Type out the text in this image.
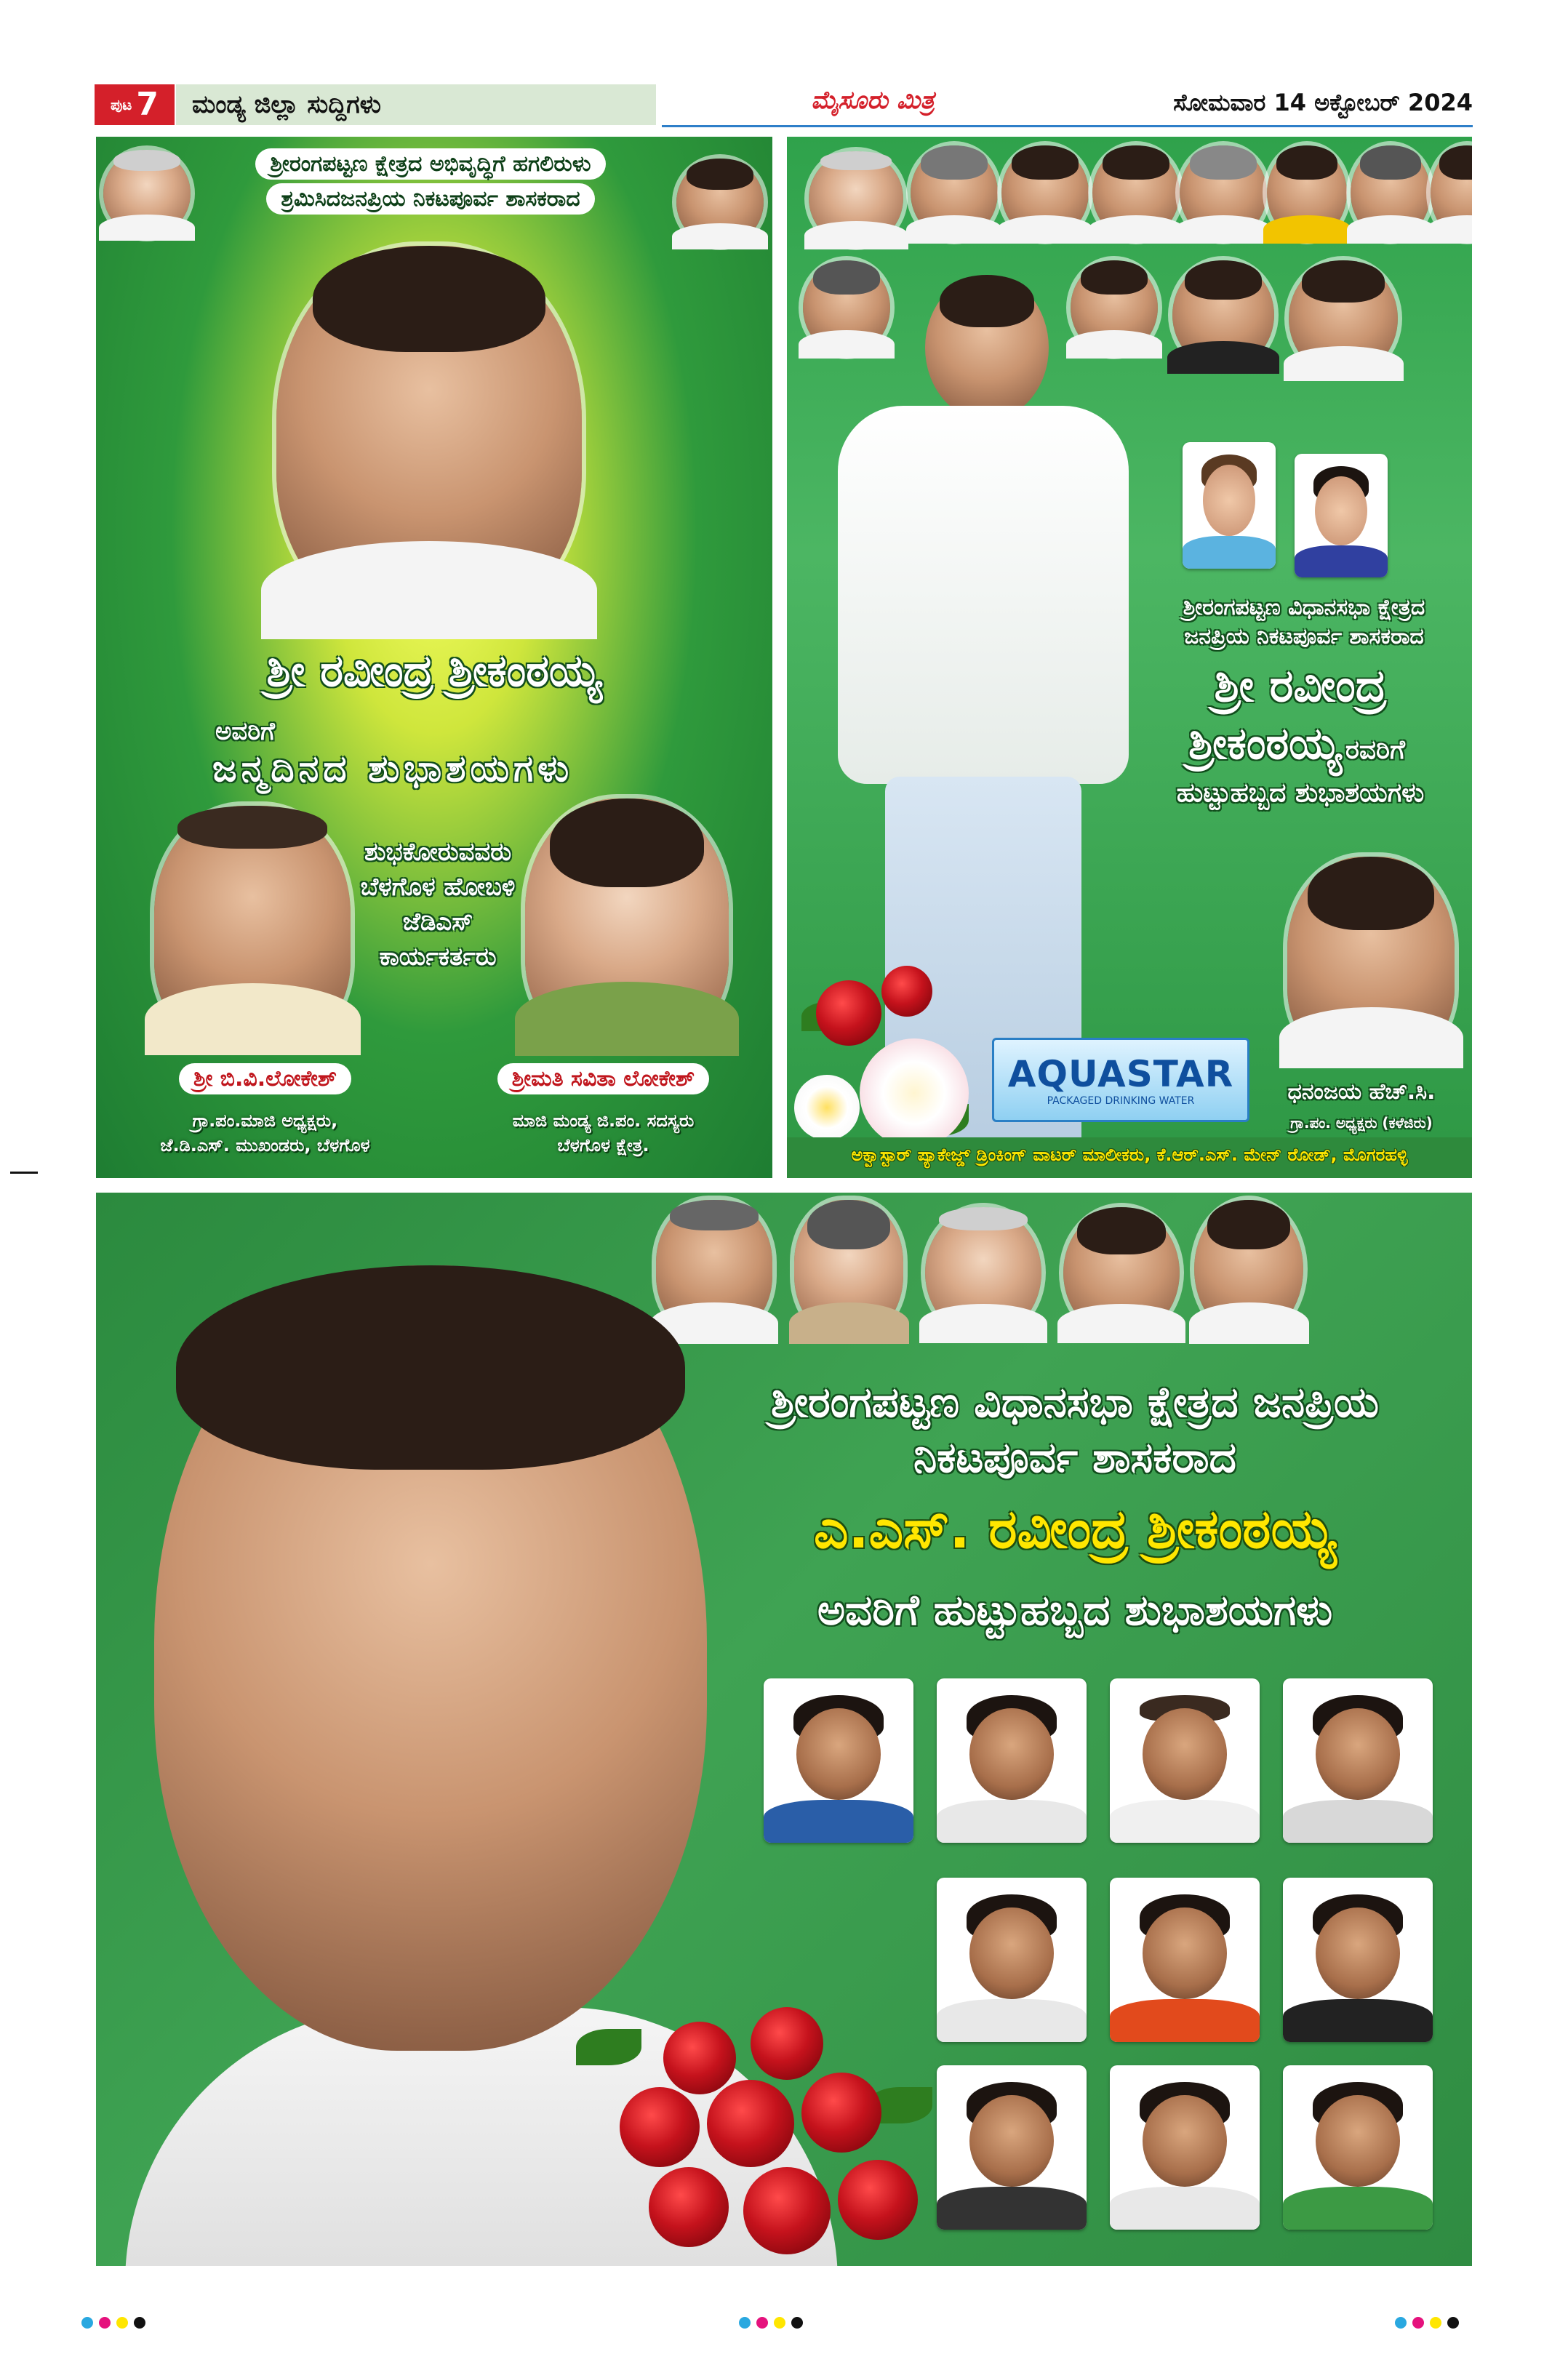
ಪುಟ 7	ಮಂಡ್ಯ ಜಿಲ್ಲಾ ಸುದ್ದಿಗಳು	ಮೈಸೂರು ಮಿತ್ರ	ಸೋಮವಾರ 14 ಅಕ್ಟೋಬರ್ 2024
ಶ್ರೀರಂಗಪಟ್ಟಣ ಕ್ಷೇತ್ರದ ಅಭಿವೃದ್ಧಿಗೆ ಹಗಲಿರುಳು
ಶ್ರಮಿಸಿದಜನಪ್ರಿಯ ನಿಕಟಪೂರ್ವ ಶಾಸಕರಾದ
ಶ್ರೀ ರವೀಂದ್ರ ಶ್ರೀಕಂಠಯ್ಯ
ಅವರಿಗೆ
ಜನ್ಮದಿನದ ಶುಭಾಶಯಗಳು
ಶುಭಕೋರುವವರು
ಬೆಳಗೊಳ ಹೋಬಳಿ
ಜೆಡಿಎಸ್
ಕಾರ್ಯಕರ್ತರು
ಶ್ರೀ ಬಿ.ವಿ.ಲೋಕೇಶ್
ಗ್ರಾ.ಪಂ.ಮಾಜಿ ಅಧ್ಯಕ್ಷರು,
ಜೆ.ಡಿ.ಎಸ್. ಮುಖಂಡರು, ಬೆಳಗೊಳ
ಶ್ರೀಮತಿ ಸವಿತಾ ಲೋಕೇಶ್
ಮಾಜಿ ಮಂಡ್ಯ ಜಿ.ಪಂ. ಸದಸ್ಯರು
ಬೆಳಗೊಳ ಕ್ಷೇತ್ರ.
ಶ್ರೀರಂಗಪಟ್ಟಣ ವಿಧಾನಸಭಾ ಕ್ಷೇತ್ರದ
ಜನಪ್ರಿಯ ನಿಕಟಪೂರ್ವ ಶಾಸಕರಾದ
ಶ್ರೀ ರವೀಂದ್ರ
ಶ್ರೀಕಂಠಯ್ಯ ರವರಿಗೆ
ಹುಟ್ಟುಹಬ್ಬದ ಶುಭಾಶಯಗಳು
ಧನಂಜಯ ಹೆಚ್.ಸಿ.
ಗ್ರಾ.ಪಂ. ಅಧ್ಯಕ್ಷರು (ಕಳೆಜಿರು)
AQUASTAR
PACKAGED DRINKING WATER
ಅಕ್ವಾಸ್ಟಾರ್ ಪ್ಯಾಕೇಜ್ಡ್ ಡ್ರಿಂಕಿಂಗ್ ವಾಟರ್ ಮಾಲೀಕರು, ಕೆ.ಆರ್.ಎಸ್. ಮೇನ್ ರೋಡ್, ಮೊಗರಹಳ್ಳಿ
ಶ್ರೀರಂಗಪಟ್ಟಣ ವಿಧಾನಸಭಾ ಕ್ಷೇತ್ರದ ಜನಪ್ರಿಯ
ನಿಕಟಪೂರ್ವ ಶಾಸಕರಾದ
ಎ.ಎಸ್. ರವೀಂದ್ರ ಶ್ರೀಕಂಠಯ್ಯ
ಅವರಿಗೆ ಹುಟ್ಟುಹಬ್ಬದ ಶುಭಾಶಯಗಳು
